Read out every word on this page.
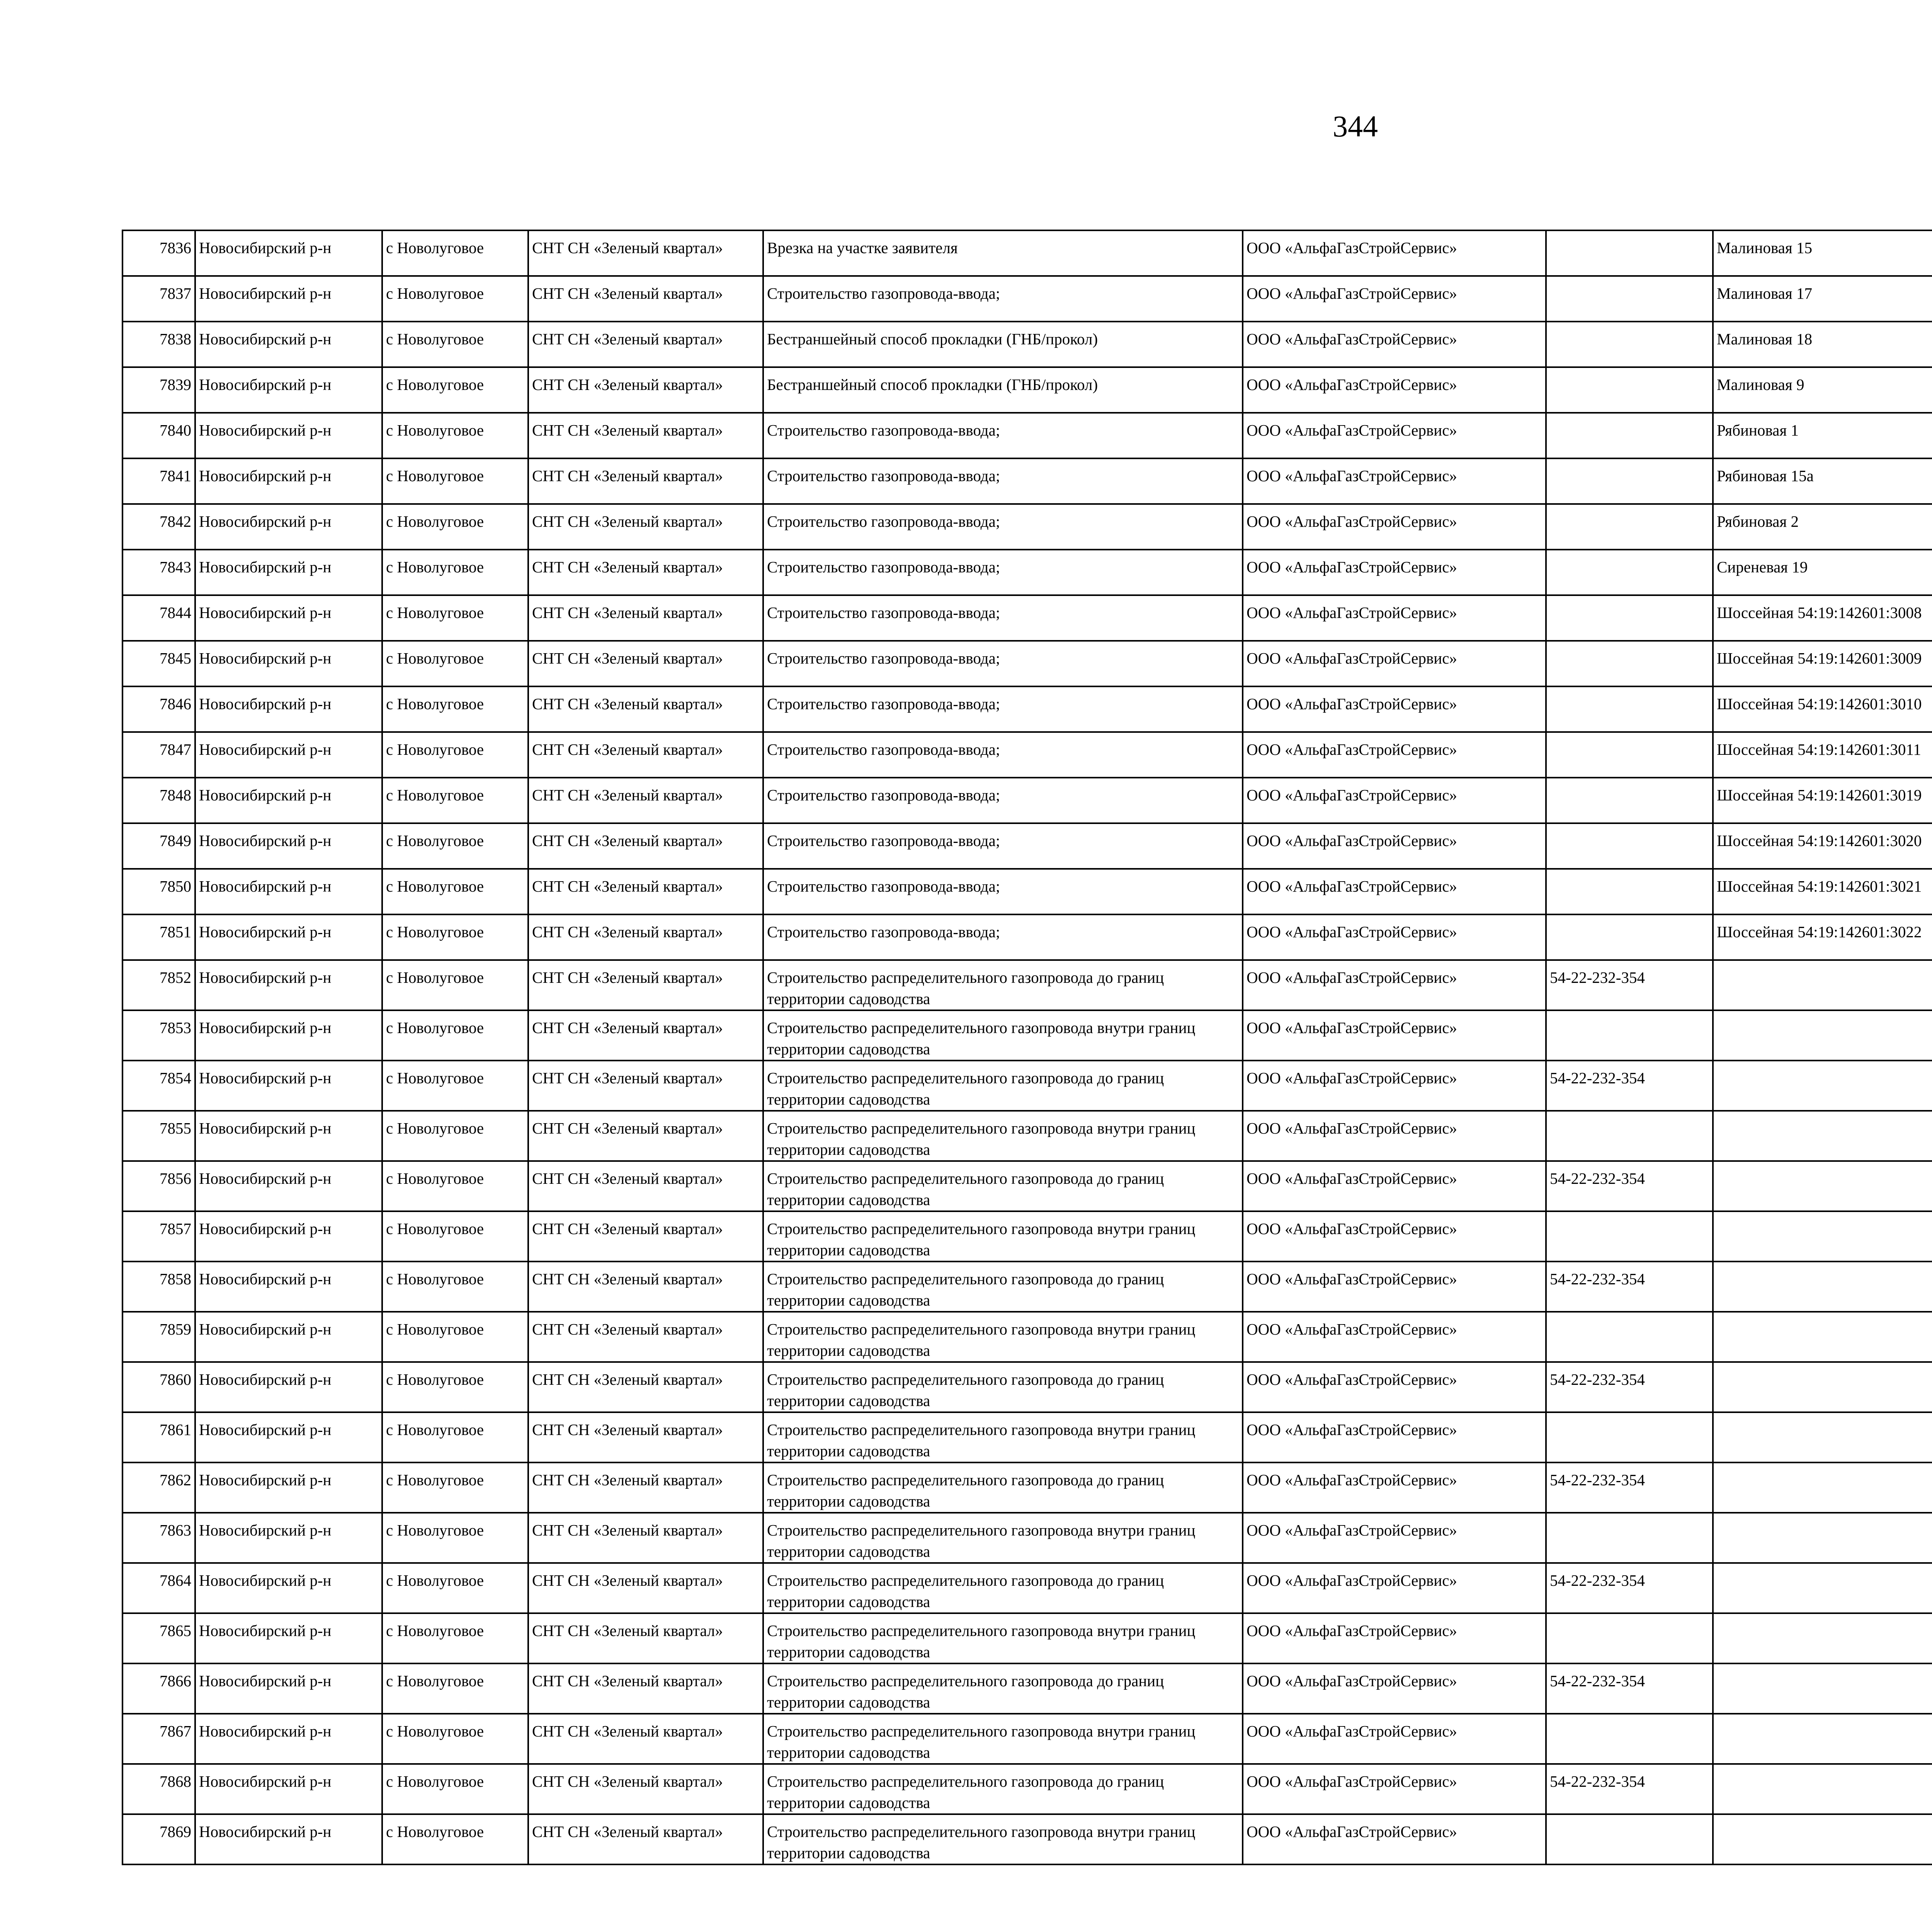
344
7836	Новосибирский р-н	с Новолуговое	СНТ СН «Зеленый квартал»	Врезка на участке заявителя	ООО «АльфаГазСтройСервис»		Малиновая 15					
7837	Новосибирский р-н	с Новолуговое	СНТ СН «Зеленый квартал»	Строительство газопровода-ввода;	ООО «АльфаГазСтройСервис»		Малиновая 17					
7838	Новосибирский р-н	с Новолуговое	СНТ СН «Зеленый квартал»	Бестраншейный способ прокладки (ГНБ/прокол)	ООО «АльфаГазСтройСервис»		Малиновая 18					
7839	Новосибирский р-н	с Новолуговое	СНТ СН «Зеленый квартал»	Бестраншейный способ прокладки (ГНБ/прокол)	ООО «АльфаГазСтройСервис»		Малиновая 9					
7840	Новосибирский р-н	с Новолуговое	СНТ СН «Зеленый квартал»	Строительство газопровода-ввода;	ООО «АльфаГазСтройСервис»		Рябиновая 1					
7841	Новосибирский р-н	с Новолуговое	СНТ СН «Зеленый квартал»	Строительство газопровода-ввода;	ООО «АльфаГазСтройСервис»		Рябиновая 15а					
7842	Новосибирский р-н	с Новолуговое	СНТ СН «Зеленый квартал»	Строительство газопровода-ввода;	ООО «АльфаГазСтройСервис»		Рябиновая 2					
7843	Новосибирский р-н	с Новолуговое	СНТ СН «Зеленый квартал»	Строительство газопровода-ввода;	ООО «АльфаГазСтройСервис»		Сиреневая 19					
7844	Новосибирский р-н	с Новолуговое	СНТ СН «Зеленый квартал»	Строительство газопровода-ввода;	ООО «АльфаГазСтройСервис»		Шоссейная 54:19:142601:3008					
7845	Новосибирский р-н	с Новолуговое	СНТ СН «Зеленый квартал»	Строительство газопровода-ввода;	ООО «АльфаГазСтройСервис»		Шоссейная 54:19:142601:3009					
7846	Новосибирский р-н	с Новолуговое	СНТ СН «Зеленый квартал»	Строительство газопровода-ввода;	ООО «АльфаГазСтройСервис»		Шоссейная 54:19:142601:3010					
7847	Новосибирский р-н	с Новолуговое	СНТ СН «Зеленый квартал»	Строительство газопровода-ввода;	ООО «АльфаГазСтройСервис»		Шоссейная 54:19:142601:3011					
7848	Новосибирский р-н	с Новолуговое	СНТ СН «Зеленый квартал»	Строительство газопровода-ввода;	ООО «АльфаГазСтройСервис»		Шоссейная 54:19:142601:3019					
7849	Новосибирский р-н	с Новолуговое	СНТ СН «Зеленый квартал»	Строительство газопровода-ввода;	ООО «АльфаГазСтройСервис»		Шоссейная 54:19:142601:3020					
7850	Новосибирский р-н	с Новолуговое	СНТ СН «Зеленый квартал»	Строительство газопровода-ввода;	ООО «АльфаГазСтройСервис»		Шоссейная 54:19:142601:3021					
7851	Новосибирский р-н	с Новолуговое	СНТ СН «Зеленый квартал»	Строительство газопровода-ввода;	ООО «АльфаГазСтройСервис»		Шоссейная 54:19:142601:3022					
7852	Новосибирский р-н	с Новолуговое	СНТ СН «Зеленый квартал»	Строительство распределительного газопровода до границ территории садоводства	ООО «АльфаГазСтройСервис»	54-22-232-354						
7853	Новосибирский р-н	с Новолуговое	СНТ СН «Зеленый квартал»	Строительство распределительного газопровода внутри границ территории садоводства	ООО «АльфаГазСтройСервис»							
7854	Новосибирский р-н	с Новолуговое	СНТ СН «Зеленый квартал»	Строительство распределительного газопровода до границ территории садоводства	ООО «АльфаГазСтройСервис»	54-22-232-354						
7855	Новосибирский р-н	с Новолуговое	СНТ СН «Зеленый квартал»	Строительство распределительного газопровода внутри границ территории садоводства	ООО «АльфаГазСтройСервис»							
7856	Новосибирский р-н	с Новолуговое	СНТ СН «Зеленый квартал»	Строительство распределительного газопровода до границ территории садоводства	ООО «АльфаГазСтройСервис»	54-22-232-354						
7857	Новосибирский р-н	с Новолуговое	СНТ СН «Зеленый квартал»	Строительство распределительного газопровода внутри границ территории садоводства	ООО «АльфаГазСтройСервис»							
7858	Новосибирский р-н	с Новолуговое	СНТ СН «Зеленый квартал»	Строительство распределительного газопровода до границ территории садоводства	ООО «АльфаГазСтройСервис»	54-22-232-354						
7859	Новосибирский р-н	с Новолуговое	СНТ СН «Зеленый квартал»	Строительство распределительного газопровода внутри границ территории садоводства	ООО «АльфаГазСтройСервис»							
7860	Новосибирский р-н	с Новолуговое	СНТ СН «Зеленый квартал»	Строительство распределительного газопровода до границ территории садоводства	ООО «АльфаГазСтройСервис»	54-22-232-354						
7861	Новосибирский р-н	с Новолуговое	СНТ СН «Зеленый квартал»	Строительство распределительного газопровода внутри границ территории садоводства	ООО «АльфаГазСтройСервис»							
7862	Новосибирский р-н	с Новолуговое	СНТ СН «Зеленый квартал»	Строительство распределительного газопровода до границ территории садоводства	ООО «АльфаГазСтройСервис»	54-22-232-354						
7863	Новосибирский р-н	с Новолуговое	СНТ СН «Зеленый квартал»	Строительство распределительного газопровода внутри границ территории садоводства	ООО «АльфаГазСтройСервис»							
7864	Новосибирский р-н	с Новолуговое	СНТ СН «Зеленый квартал»	Строительство распределительного газопровода до границ территории садоводства	ООО «АльфаГазСтройСервис»	54-22-232-354						
7865	Новосибирский р-н	с Новолуговое	СНТ СН «Зеленый квартал»	Строительство распределительного газопровода внутри границ территории садоводства	ООО «АльфаГазСтройСервис»							
7866	Новосибирский р-н	с Новолуговое	СНТ СН «Зеленый квартал»	Строительство распределительного газопровода до границ территории садоводства	ООО «АльфаГазСтройСервис»	54-22-232-354						
7867	Новосибирский р-н	с Новолуговое	СНТ СН «Зеленый квартал»	Строительство распределительного газопровода внутри границ территории садоводства	ООО «АльфаГазСтройСервис»							
7868	Новосибирский р-н	с Новолуговое	СНТ СН «Зеленый квартал»	Строительство распределительного газопровода до границ территории садоводства	ООО «АльфаГазСтройСервис»	54-22-232-354						
7869	Новосибирский р-н	с Новолуговое	СНТ СН «Зеленый квартал»	Строительство распределительного газопровода внутри границ территории садоводства	ООО «АльфаГазСтройСервис»							
